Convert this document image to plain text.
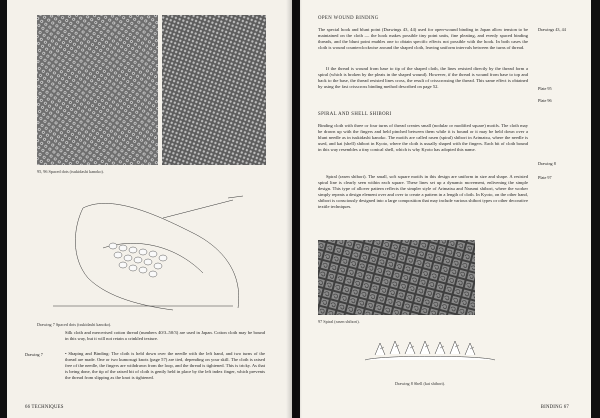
95, 96 Spaced dots (tsukidashi kanoko).
Drawing 7 Spaced dots (tsukidashi kanoko).
Silk cloth and mercerised cotton thread (numbers 40/3–50/3) are used in Japan. Cotton cloth may be bound in this way, but it will not retain a crinkled texture.
Drawing 7	• Shaping and Binding: The cloth is held down over the needle with the left hand, and two turns of the thread are made. One or two kumosugi knots (page 57) are tied, depending on your skill. The cloth is raised free of the needle, the fingers are withdrawn from the loop, and the thread is tightened. This is tricky. As that is being done, the tip of the raised bit of cloth is gently held in place by the left index finger, which prevents the thread from slipping as the knot is tightened.
66 TECHNIQUES
OPEN WOUND BINDING
The special hook and blunt point (Drawings 43, 44) used for open-wound binding in Japan allow tension to be maintained on the cloth — the hook makes possible tiny point units, fine pleating, and evenly spaced binding threads, and the blunt point enables one to obtain specific effects not possible with the hook. In both cases the cloth is wound counterclockwise around the shaped cloth, leaving uniform intervals between the turns of thread.
If the thread is wound from base to tip of the shaped cloth, the lines resisted directly by the thread form a spiral (which is broken by the pleats in the shaped wound). However, if the thread is wound from base to top and back to the base, the thread resisted lines cross, the result of crisscrossing the thread. This same effect is obtained by using the fast crisscross binding method described on page 52.
SPIRAL AND SHELL SHIBORI
Binding cloth with three or four turns of thread creates small (nodular or modified square) motifs. The cloth may be drawn up with the fingers and held pinched between them while it is bound or it may be held down over a blunt needle as in tsukidashi kanoko. The motifs are called rasen (spiral) shibori in Arimatsu, where the needle is used, and kai (shell) shibori in Kyoto, where the cloth is usually shaped with the fingers. Each bit of cloth bound in this way resembles a tiny conical shell, which is why Kyoto has adopted this name.
Spiral (rasen shibori). The small, soft square motifs in this design are uniform in size and shape. A resisted spiral line is clearly seen within each square. These lines set up a dynamic movement, enlivening the simple design. This type of allover pattern reflects the simpler style of Arimatsu and Narumi shibori, where the worker simply repeats a design element over and over to create a pattern in a length of cloth. In Kyoto, on the other hand, shibori is consciously designed into a large composition that may include various shibori types or other decorative textile techniques.
Drawings 43, 44
Plate 95
Plate 96
Drawing 8
Plate 97
97 Spiral (rasen shibori).
Drawing 8 Shell (kai shibori).
BINDING 67
